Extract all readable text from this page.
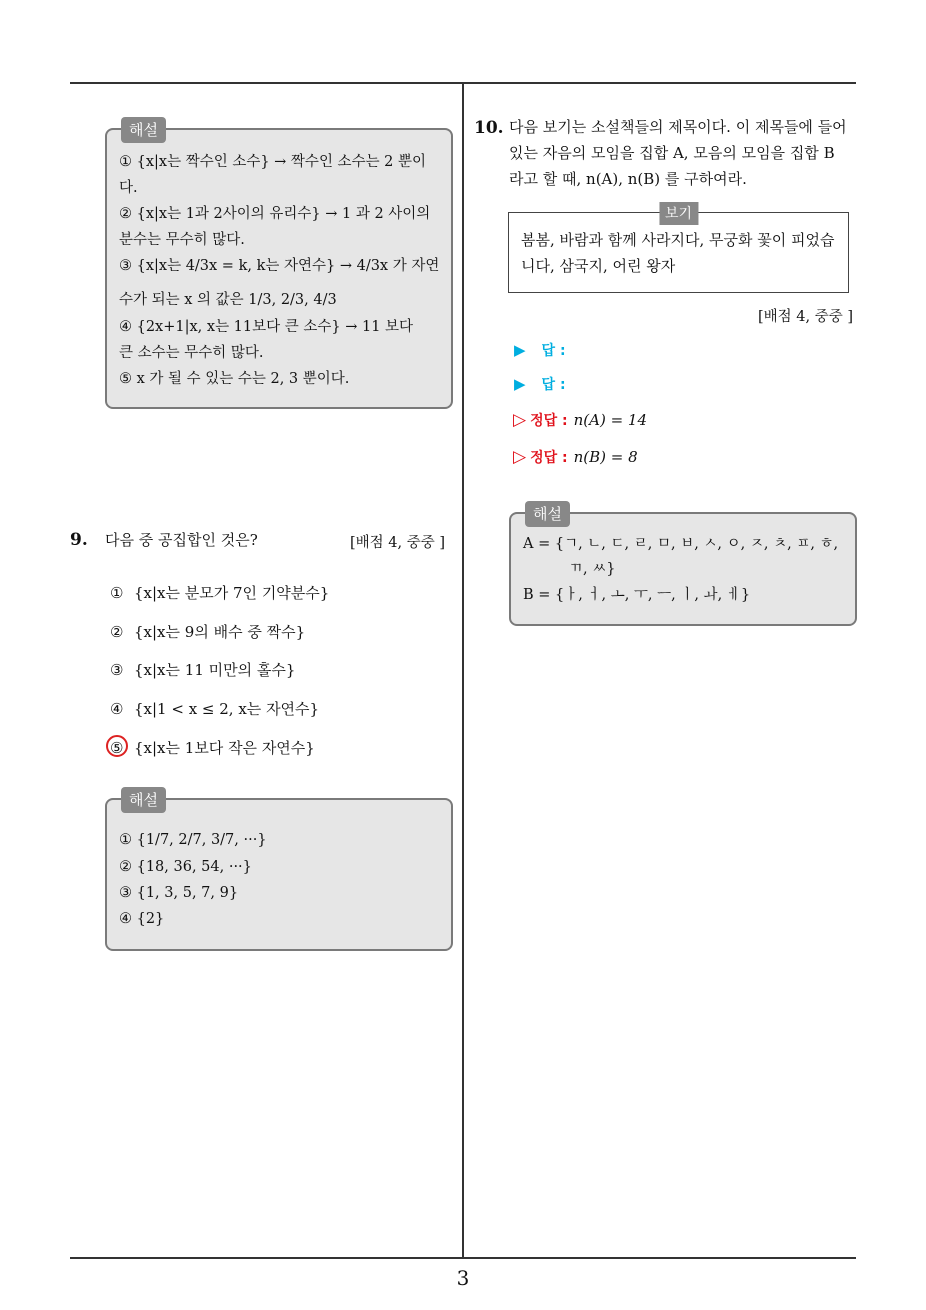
3
해설
① {x|x는 짝수인 소수} → 짝수인 소수는 2 뿐이
다.
② {x|x는 1과 2사이의 유리수} → 1 과 2 사이의
분수는 무수히 많다.
③ {x|x는 4/3x = k, k는 자연수} → 4/3x 가 자연
수가 되는 x 의 값은 1/3, 2/3, 4/3
④ {2x+1|x, x는 11보다 큰 소수} → 11 보다
큰 소수는 무수히 많다.
⑤ x 가 될 수 있는 수는 2, 3 뿐이다.
9. 다음 중 공집합인 것은?	[배점 4, 중중 ]
① {x|x는 분모가 7인 기약분수}
② {x|x는 9의 배수 중 짝수}
③ {x|x는 11 미만의 홀수}
④ {x|1 < x ≤ 2, x는 자연수}
⑤ {x|x는 1보다 작은 자연수}
해설
① {1/7, 2/7, 3/7, ···}
② {18, 36, 54, ···}
③ {1, 3, 5, 7, 9}
④ {2}
10. 다음 보기는 소설책들의 제목이다. 이 제목들에 들어
있는 자음의 모임을 집합 A, 모음의 모임을 집합 B
라고 할 때, n(A), n(B) 를 구하여라.
보기
봄봄, 바람과 함께 사라지다, 무궁화 꽃이 피었습
니다, 삼국지, 어린 왕자
[배점 4, 중중 ]
▶ 답 :
▶ 답 :
▷ 정답 : n(A) = 14
▷ 정답 : n(B) = 8
해설
A = {ㄱ, ㄴ, ㄷ, ㄹ, ㅁ, ㅂ, ㅅ, ㅇ, ㅈ, ㅊ, ㅍ, ㅎ,
ㄲ, ㅆ}
B = {ㅏ, ㅓ, ㅗ, ㅜ, ㅡ, ㅣ, ㅘ, ㅔ}
